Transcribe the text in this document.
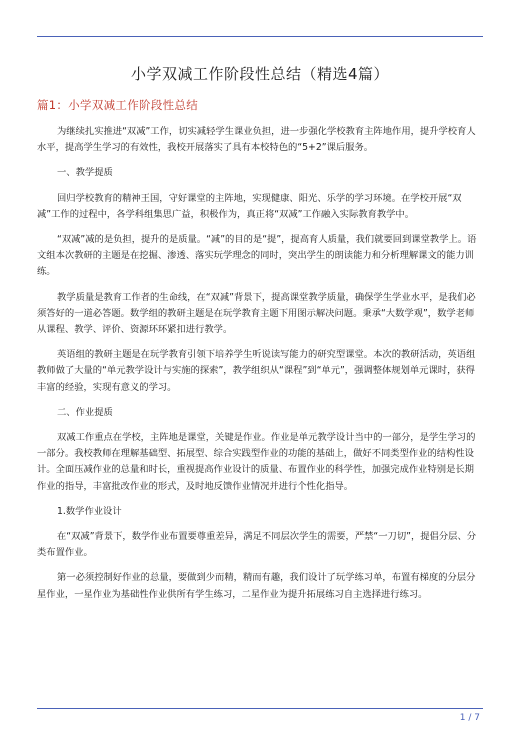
小学双减工作阶段性总结（精选4篇）
篇1：小学双减工作阶段性总结

为继续扎实推进“双减”工作，切实减轻学生课业负担，进一步强化学校教育主阵地作用，提升学校育人水平，提高学生学习的有效性，我校开展落实了具有本校特色的“5+2”课后服务。

一、教学提质

回归学校教育的精神王国，守好课堂的主阵地，实现健康、阳光、乐学的学习环境。在学校开展“双减”工作的过程中，各学科组集思广益，积极作为，真正将“双减”工作融入实际教育教学中。

“双减”减的是负担，提升的是质量。“减”的目的是“提”，提高育人质量，我们就要回到课堂教学上。语文组本次教研的主题是在挖掘、渗透、落实玩学理念的同时，突出学生的朗读能力和分析理解课文的能力训练。

教学质量是教育工作者的生命线，在“双减”背景下，提高课堂教学质量，确保学生学业水平，是我们必须答好的一道必答题。数学组的教研主题是在玩学教育主题下用图示解决问题。秉承“大数学观”，数学老师从课程、教学、评价、资源环环紧扣进行教学。

英语组的教研主题是在玩学教育引领下培养学生听说读写能力的研究型课堂。本次的教研活动，英语组教师做了大量的“单元教学设计与实施的探索”，教学组织从“课程”到“单元”，强调整体规划单元课时，获得丰富的经验，实现有意义的学习。

二、作业提质

双减工作重点在学校，主阵地是课堂，关键是作业。作业是单元教学设计当中的一部分，是学生学习的一部分。我校教师在理解基础型、拓展型、综合实践型作业的功能的基础上，做好不同类型作业的结构性设计。全面压减作业的总量和时长，重视提高作业设计的质量、布置作业的科学性，加强完成作业特别是长期作业的指导，丰富批改作业的形式，及时地反馈作业情况并进行个性化指导。

1.数学作业设计

在“双减”背景下，数学作业布置要尊重差异，满足不同层次学生的需要，严禁“一刀切”，提倡分层、分类布置作业。

第一必须控制好作业的总量，要做到少而精，精而有趣，我们设计了玩学练习单，布置有梯度的分层分星作业，一星作业为基础性作业供所有学生练习，二星作业为提升拓展练习自主选择进行练习。

1 / 7
